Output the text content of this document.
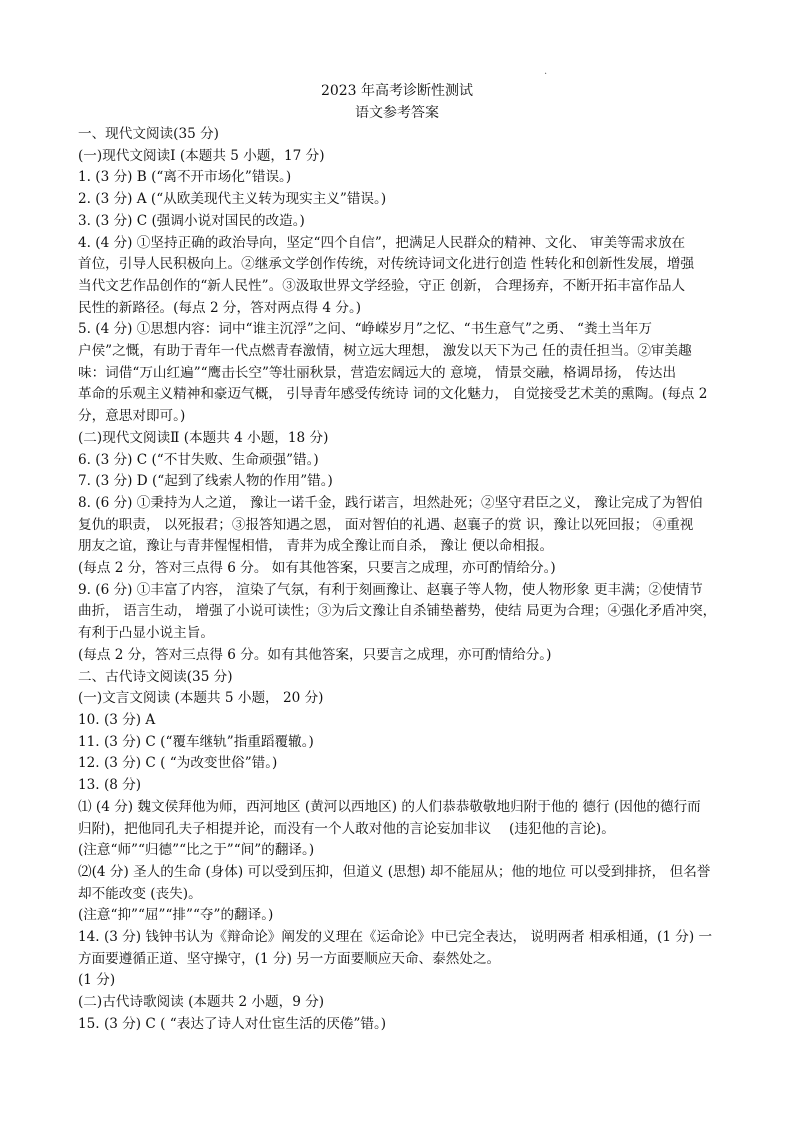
.
2023 年高考诊断性测试
语文参考答案
一、现代文阅读(35 分)
(一)现代文阅读Ⅰ (本题共 5 小题，17 分)
1. (3 分) B (“离不开市场化”错误。)
2. (3 分) A (“从欧美现代主义转为现实主义”错误。)
3. (3 分) C (强调小说对国民的改造。)
4. (4 分) ①坚持正确的政治导向，坚定“四个自信”，把满足人民群众的精神、文化、 审美等需求放在
首位，引导人民积极向上。②继承文学创作传统，对传统诗词文化进行创造 性转化和创新性发展，增强
当代文艺作品创作的“新人民性”。③汲取世界文学经验，守正 创新， 合理扬弃，不断开拓丰富作品人
民性的新路径。(每点 2 分，答对两点得 4 分。)
5. (4 分) ①思想内容：词中“谁主沉浮”之问、“峥嵘岁月”之忆、“书生意气”之勇、 “粪土当年万
户侯”之慨，有助于青年一代点燃青春激情，树立远大理想， 激发以天下为己 任的责任担当。②审美趣
味：词借“万山红遍”“鹰击长空”等壮丽秋景，营造宏阔远大的 意境， 情景交融，格调昂扬， 传达出
革命的乐观主义精神和豪迈气概， 引导青年感受传统诗 词的文化魅力， 自觉接受艺术美的熏陶。(每点 2
分，意思对即可。)
(二)现代文阅读Ⅱ (本题共 4 小题，18 分)
6. (3 分) C (“不甘失败、生命顽强”错。)
7. (3 分) D (“起到了线索人物的作用”错。)
8. (6 分) ①秉持为人之道， 豫让一诺千金，践行诺言，坦然赴死；②坚守君臣之义， 豫让完成了为智伯
复仇的职责， 以死报君；③报答知遇之恩， 面对智伯的礼遇、赵襄子的赏 识，豫让以死回报； ④重视
朋友之谊，豫让与青荓惺惺相惜， 青荓为成全豫让而自杀， 豫让 便以命相报。
(每点 2 分，答对三点得 6 分。 如有其他答案，只要言之成理，亦可酌情给分。)
9. (6 分) ①丰富了内容， 渲染了气氛，有利于刻画豫让、赵襄子等人物，使人物形象 更丰满；②使情节
曲折， 语言生动， 增强了小说可读性；③为后文豫让自杀铺垫蓄势，使结 局更为合理；④强化矛盾冲突，
有利于凸显小说主旨。
(每点 2 分，答对三点得 6 分。如有其他答案，只要言之成理，亦可酌情给分。)
二、古代诗文阅读(35 分)
(一)文言文阅读 (本题共 5 小题， 20 分)
10. (3 分) A
11. (3 分) C (“覆车继轨”指重蹈覆辙。)
12. (3 分) C ( “为改变世俗”错。)
13. (8 分)
⑴ (4 分) 魏文侯拜他为师，西河地区 (黄河以西地区) 的人们恭恭敬敬地归附于他的 德行 (因他的德行而
归附)，把他同孔夫子相提并论，而没有一个人敢对他的言论妄加非议　 (违犯他的言论)。
(注意“师”“归德”“比之于”“间”的翻译。)
⑵(4 分) 圣人的生命 (身体) 可以受到压抑，但道义 (思想) 却不能屈从；他的地位 可以受到排挤， 但名誉
却不能改变 (丧失)。
(注意“抑”“屈”“排”“夺”的翻译。)
14. (3 分) 钱钟书认为《辩命论》阐发的义理在《运命论》中已完全表达， 说明两者 相承相通，(1 分) 一
方面要遵循正道、坚守操守，(1 分) 另一方面要顺应天命、泰然处之。
(1 分)
(二)古代诗歌阅读 (本题共 2 小题，9 分)
15. (3 分) C ( “表达了诗人对仕宦生活的厌倦”错。)
